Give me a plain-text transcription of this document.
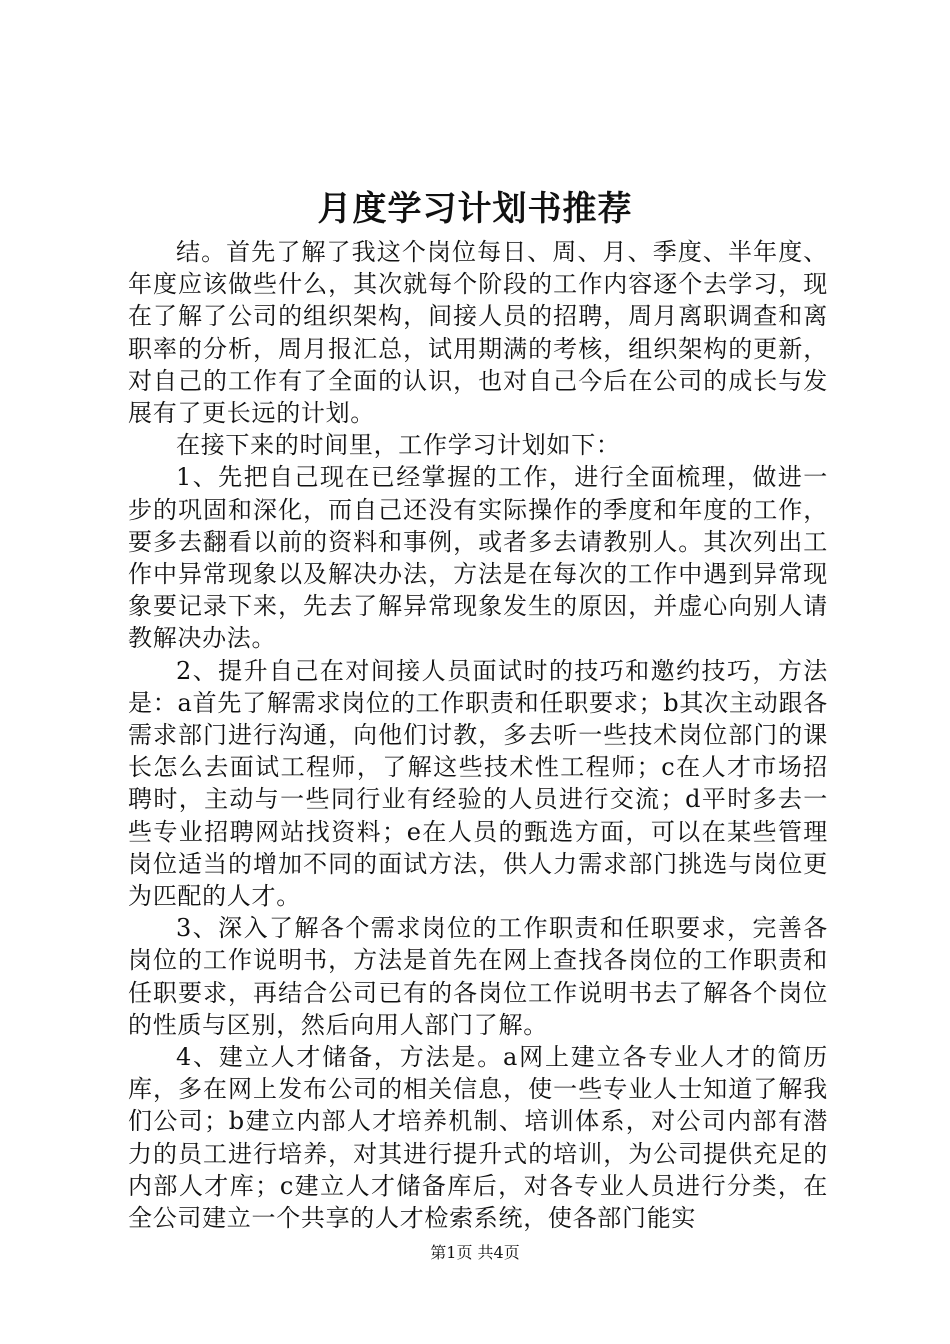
月度学习计划书推荐

结。首先了解了我这个岗位每日、周、月、季度、半年度、年度应该做些什么，其次就每个阶段的工作内容逐个去学习，现在了解了公司的组织架构，间接人员的招聘，周月离职调查和离职率的分析，周月报汇总，试用期满的考核，组织架构的更新，对自己的工作有了全面的认识，也对自己今后在公司的成长与发展有了更长远的计划。

在接下来的时间里，工作学习计划如下：

1、先把自己现在已经掌握的工作，进行全面梳理，做进一步的巩固和深化，而自己还没有实际操作的季度和年度的工作，要多去翻看以前的资料和事例，或者多去请教别人。其次列出工作中异常现象以及解决办法，方法是在每次的工作中遇到异常现象要记录下来，先去了解异常现象发生的原因，并虚心向别人请教解决办法。

2、提升自己在对间接人员面试时的技巧和邀约技巧，方法是：a首先了解需求岗位的工作职责和任职要求；b其次主动跟各需求部门进行沟通，向他们讨教，多去听一些技术岗位部门的课长怎么去面试工程师，了解这些技术性工程师；c在人才市场招聘时，主动与一些同行业有经验的人员进行交流；d平时多去一些专业招聘网站找资料；e在人员的甄选方面，可以在某些管理岗位适当的增加不同的面试方法，供人力需求部门挑选与岗位更为匹配的人才。

3、深入了解各个需求岗位的工作职责和任职要求，完善各岗位的工作说明书，方法是首先在网上查找各岗位的工作职责和任职要求，再结合公司已有的各岗位工作说明书去了解各个岗位的性质与区别，然后向用人部门了解。

4、建立人才储备，方法是。a网上建立各专业人才的简历库，多在网上发布公司的相关信息，使一些专业人士知道了解我们公司；b建立内部人才培养机制、培训体系，对公司内部有潜力的员工进行培养，对其进行提升式的培训，为公司提供充足的内部人才库；c建立人才储备库后，对各专业人员进行分类，在全公司建立一个共享的人才检索系统，使各部门能实

第1页 共4页
